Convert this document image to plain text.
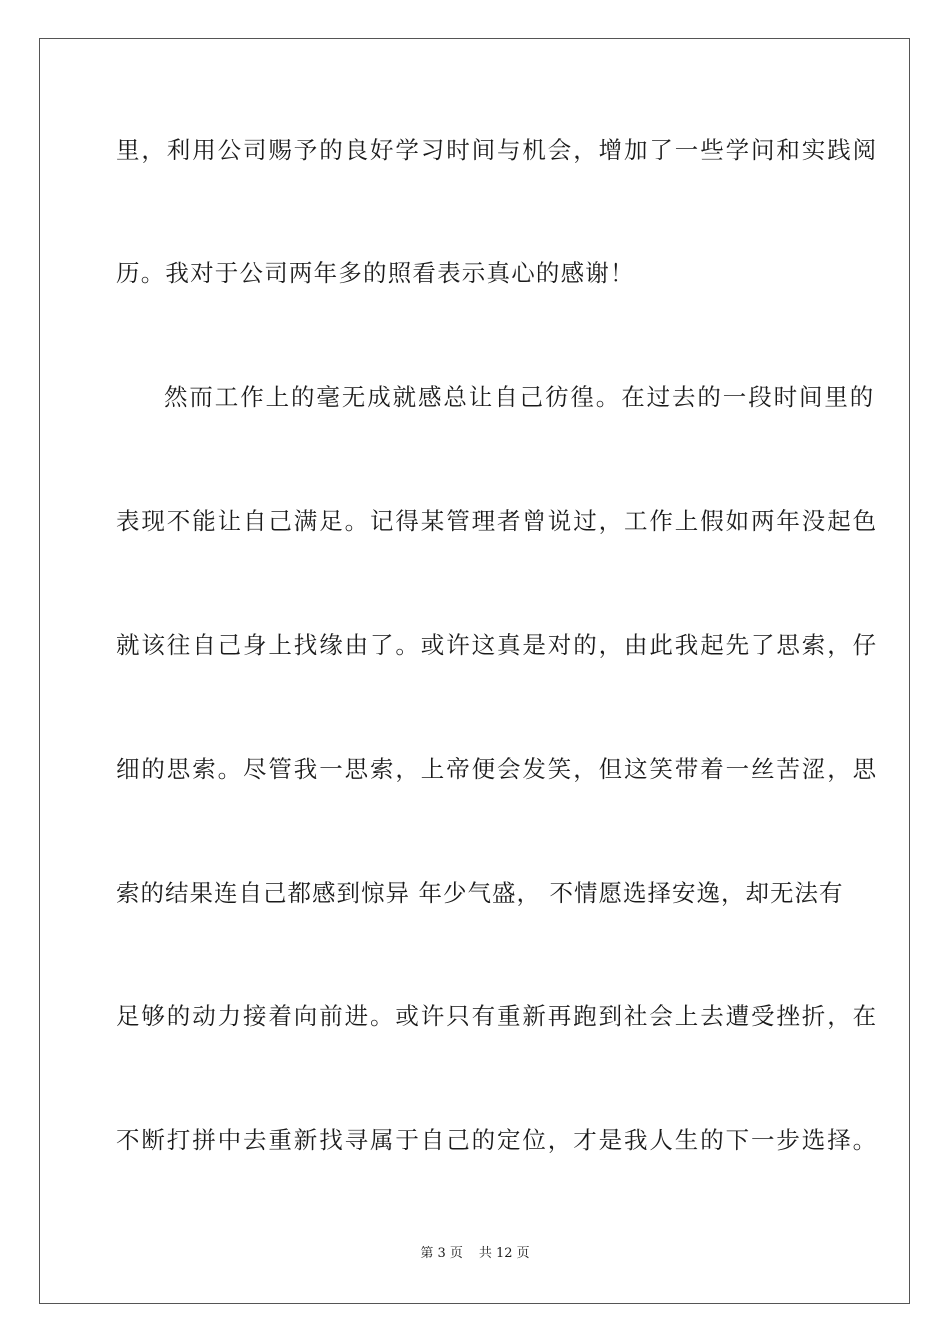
里，利用公司赐予的良好学习时间与机会，增加了一些学问和实践阅
历。我对于公司两年多的照看表示真心的感谢！
然而工作上的毫无成就感总让自己彷徨。在过去的一段时间里的
表现不能让自己满足。记得某管理者曾说过，工作上假如两年没起色
就该往自己身上找缘由了。或许这真是对的，由此我起先了思索，仔
细的思索。尽管我一思索，上帝便会发笑，但这笑带着一丝苦涩，思
索的结果连自己都感到惊异 年少气盛， 不情愿选择安逸，却无法有
足够的动力接着向前进。或许只有重新再跑到社会上去遭受挫折，在
不断打拼中去重新找寻属于自己的定位，才是我人生的下一步选择。
第 3 页 共 12 页
